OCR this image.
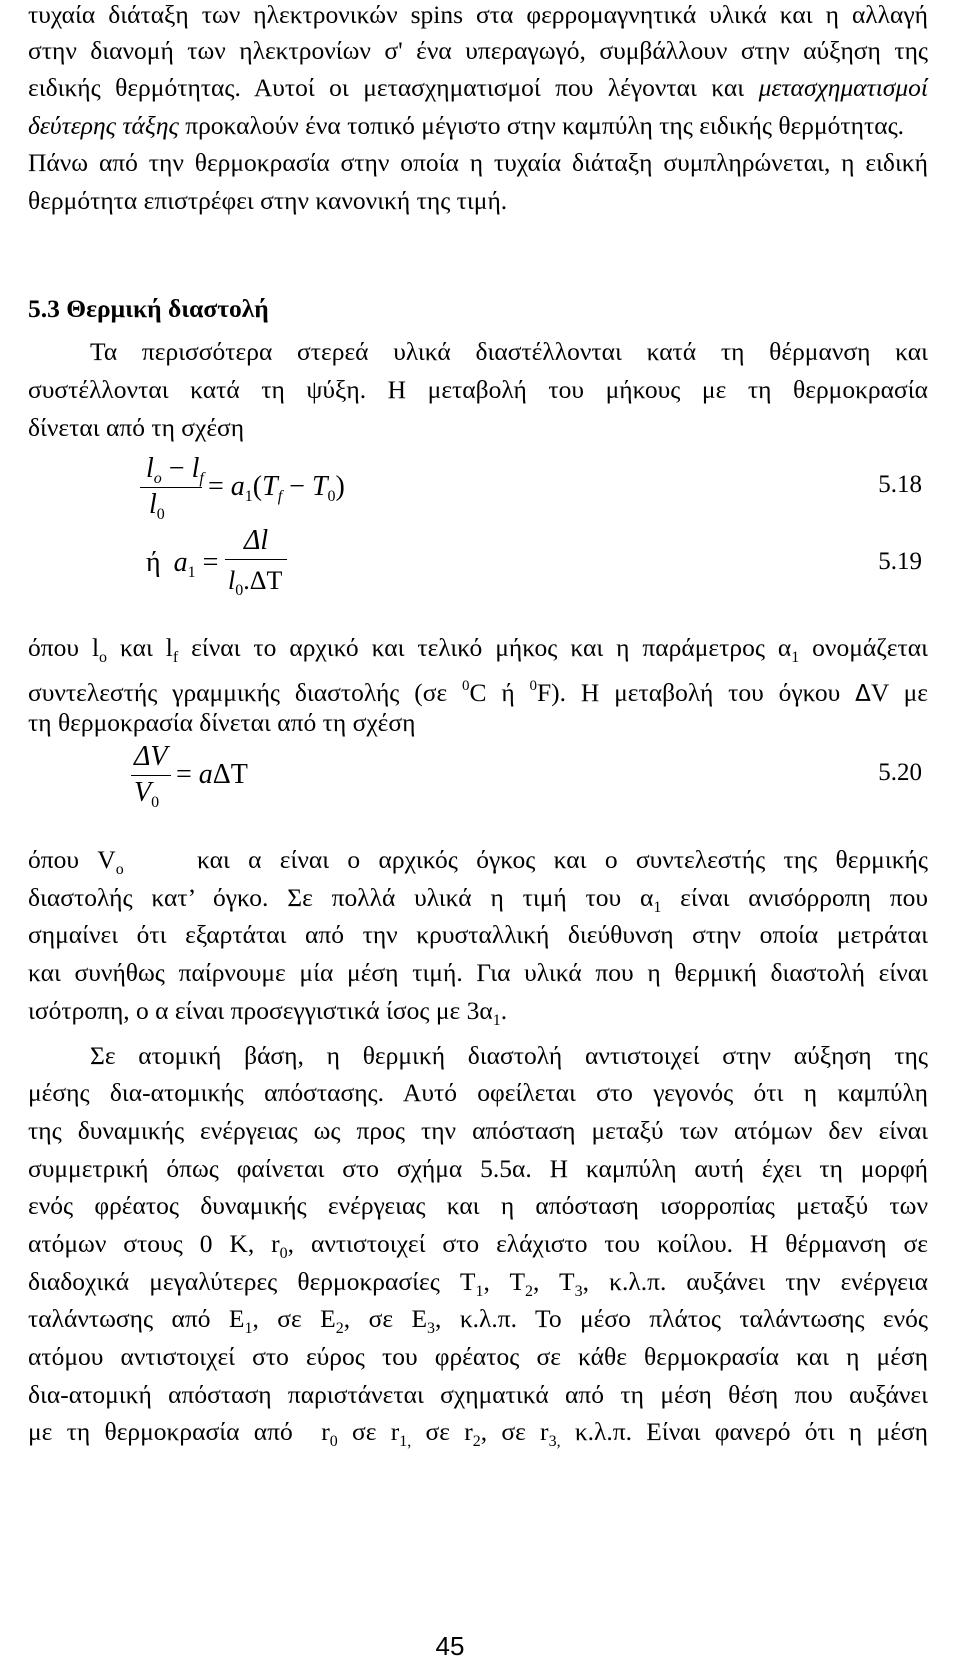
τυχαία διάταξη των ηλεκτρονικών spins στα φερρομαγνητικά υλικά και η αλλαγή
στην διανομή των ηλεκτρονίων σ' ένα υπεραγωγό, συμβάλλουν στην αύξηση της
ειδικής θερμότητας. Αυτοί οι μετασχηματισμοί που λέγονται και μετασχηματισμοί
δεύτερης τάξης προκαλούν ένα τοπικό μέγιστο στην καμπύλη της ειδικής θερμότητας.
Πάνω από την θερμοκρασία στην οποία η τυχαία διάταξη συμπληρώνεται, η ειδική
θερμότητα επιστρέφει στην κανονική της τιμή.
5.3 Θερμική διαστολή
Τα περισσότερα στερεά υλικά διαστέλλονται κατά τη θέρμανση και
συστέλλονται κατά τη ψύξη. Η μεταβολή του μήκους με τη θερμοκρασία
δίνεται από τη σχέση
$l_o - l_f$
$l_0$
= $a_1(T_f - T_0)$	5.18
ή $a_1$ =
Δl
$l_0.\Delta T$
5.19
όπου $l_o$ και $l_f$ είναι το αρχικό και τελικό μήκος και η παράμετρος $\alpha_1$ ονομάζεται
συντελεστής γραμμικής διαστολής (σε $^0$C ή $^0$F). Η μεταβολή του όγκου ΔV με
τη θερμοκρασία δίνεται από τη σχέση
ΔV
$V_0$
= aΔT	5.20
όπου $V_o$    και α είναι ο αρχικός όγκος και ο συντελεστής της θερμικής
διαστολής κατ’ όγκο. Σε πολλά υλικά η τιμή του $\alpha_1$ είναι ανισόρροπη που
σημαίνει ότι εξαρτάται από την κρυσταλλική διεύθυνση στην οποία μετράται
και συνήθως παίρνουμε μία μέση τιμή. Για υλικά που η θερμική διαστολή είναι
ισότροπη, ο α είναι προσεγγιστικά ίσος με $3\alpha_1$.
Σε ατομική βάση, η θερμική διαστολή αντιστοιχεί στην αύξηση της
μέσης δια-ατομικής απόστασης. Αυτό οφείλεται στο γεγονός ότι η καμπύλη
της δυναμικής ενέργειας ως προς την απόσταση μεταξύ των ατόμων δεν είναι
συμμετρική όπως φαίνεται στο σχήμα 5.5α. Η καμπύλη αυτή έχει τη μορφή
ενός φρέατος δυναμικής ενέργειας και η απόσταση ισορροπίας μεταξύ των
ατόμων στους 0 K, $r_0$, αντιστοιχεί στο ελάχιστο του κοίλου. Η θέρμανση σε
διαδοχικά μεγαλύτερες θερμοκρασίες $T_1$, $T_2$, $T_3$, κ.λ.π. αυξάνει την ενέργεια
ταλάντωσης από $E_1$, σε $E_2$, σε $E_3$, κ.λ.π. Το μέσο πλάτος ταλάντωσης ενός
ατόμου αντιστοιχεί στο εύρος του φρέατος σε κάθε θερμοκρασία και η μέση
δια-ατομική απόσταση παριστάνεται σχηματικά από τη μέση θέση που αυξάνει
με τη θερμοκρασία από  $r_0$ σε $r_{1,}$ σε $r_2$, σε $r_{3,}$ κ.λ.π. Είναι φανερό ότι η μέση
45
